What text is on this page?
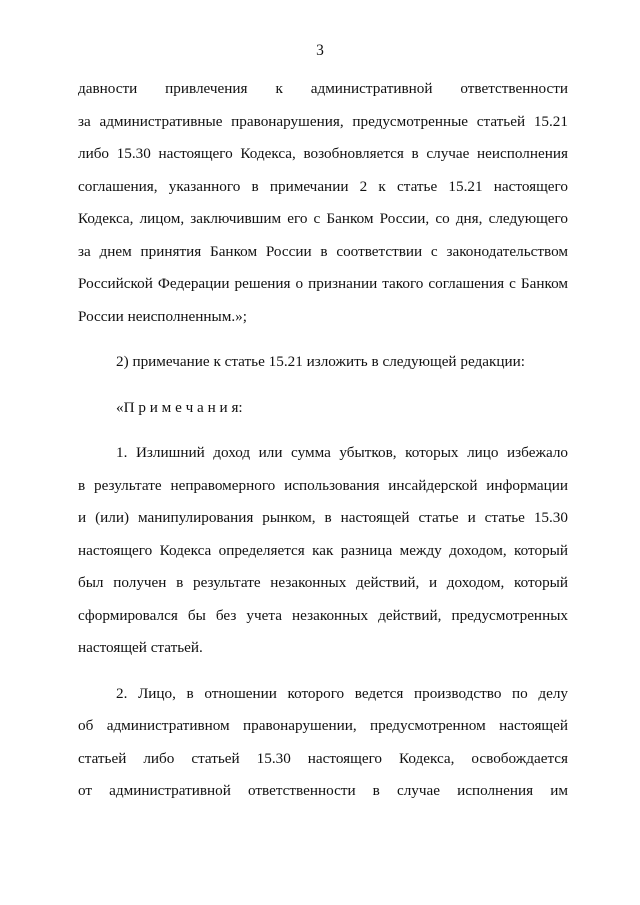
3
давности привлечения к административной ответственности
за административные правонарушения, предусмотренные статьей 15.21
либо 15.30 настоящего Кодекса, возобновляется в случае неисполнения
соглашения, указанного в примечании 2 к статье 15.21 настоящего
Кодекса, лицом, заключившим его с Банком России, со дня, следующего
за днем принятия Банком России в соответствии с законодательством
Российской Федерации решения о признании такого соглашения с Банком
России неисполненным.»;
2) примечание к статье 15.21 изложить в следующей редакции:
«П р и м е ч а н и я:
1. Излишний доход или сумма убытков, которых лицо избежало
в результате неправомерного использования инсайдерской информации
и (или) манипулирования рынком, в настоящей статье и статье 15.30
настоящего Кодекса определяется как разница между доходом, который
был получен в результате незаконных действий, и доходом, который
сформировался бы без учета незаконных действий, предусмотренных
настоящей статьей.
2. Лицо, в отношении которого ведется производство по делу
об административном правонарушении, предусмотренном настоящей
статьей либо статьей 15.30 настоящего Кодекса, освобождается
от административной ответственности в случае исполнения им
